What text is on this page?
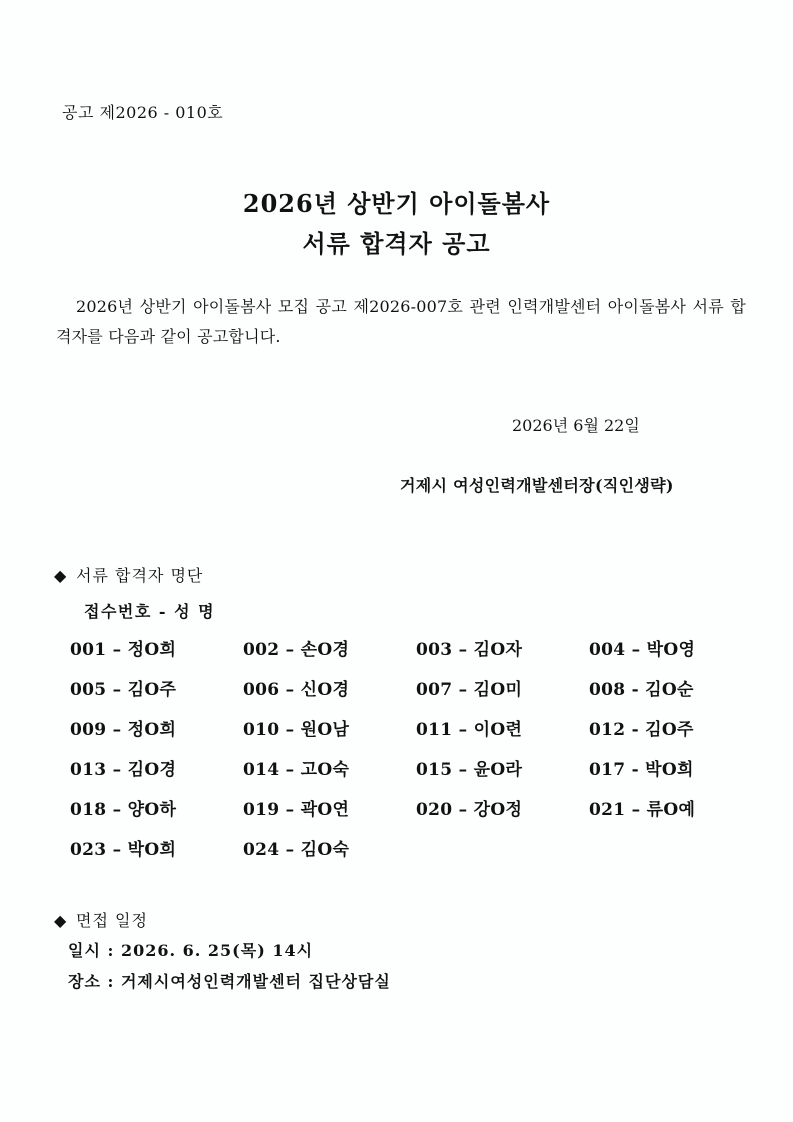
공고 제2026 - 010호
2026년 상반기 아이돌봄사
서류 합격자 공고
2026년 상반기 아이돌봄사 모집 공고 제2026-007호 관련 인력개발센터 아이돌봄사 서류 합격자를 다음과 같이 공고합니다.
2026년 6월 22일
거제시 여성인력개발센터장(직인생략)
◆ 서류 합격자 명단
접수번호 - 성 명
001 – 정O희	002 – 손O경	003 – 김O자	004 – 박O영
005 – 김O주	006 – 신O경	007 – 김O미	008 - 김O순
009 – 정O희	010 – 원O남	011 – 이O련	012 - 김O주
013 – 김O경	014 – 고O숙	015 – 윤O라	017 - 박O희
018 – 양O하	019 – 곽O연	020 – 강O정	021 – 류O예
023 – 박O희	024 – 김O숙
◆ 면접 일정
일시 : 2026. 6. 25(목) 14시
장소 : 거제시여성인력개발센터 집단상담실
